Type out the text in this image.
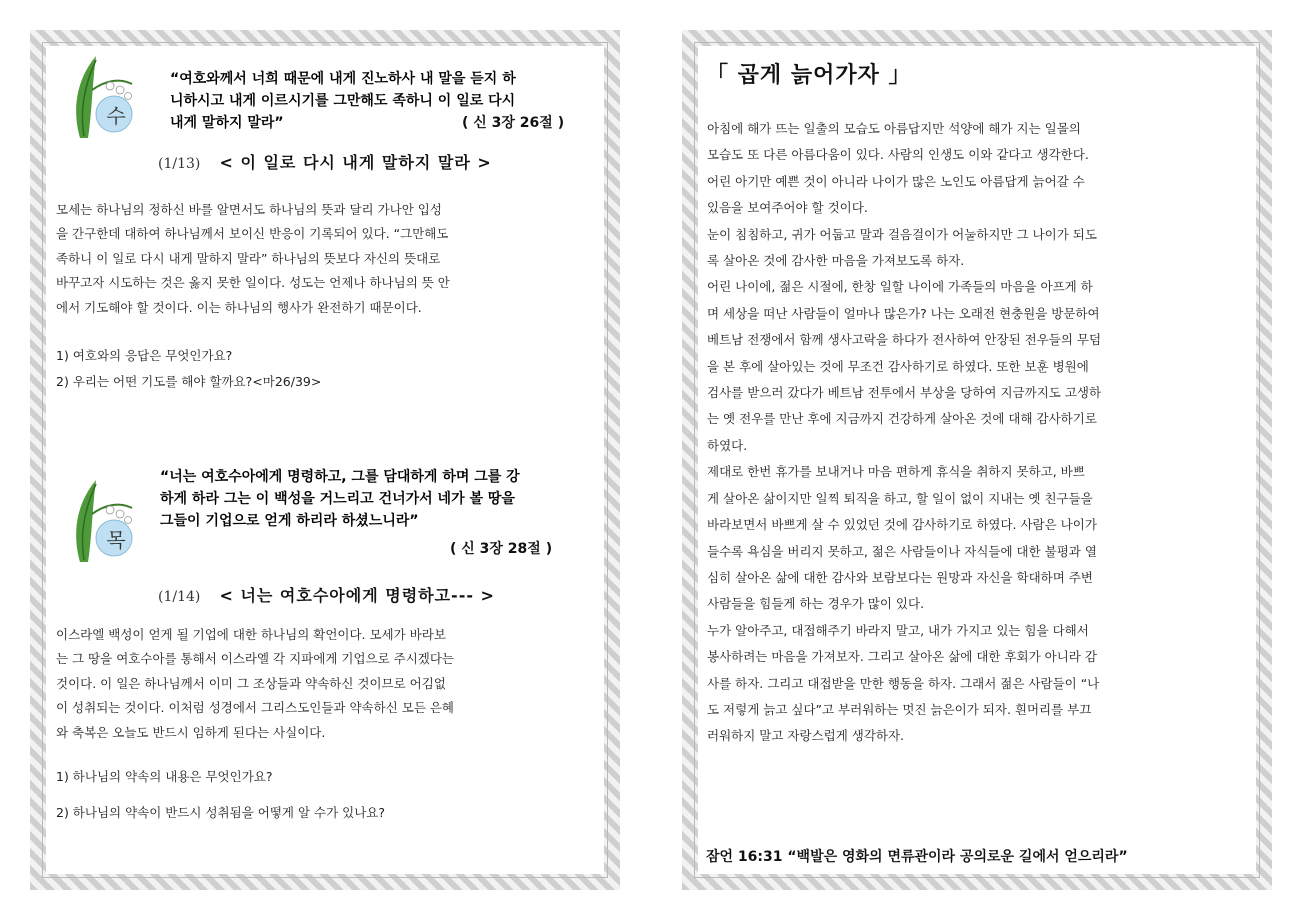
수
“여호와께서 너희 때문에 내게 진노하사 내 말을 듣지 하
니하시고 내게 이르시기를 그만해도 족하니 이 일로 다시
내게 말하지 말라”	( 신 3장 26절 )
(1/13) < 이 일로 다시 내게 말하지 말라 >
모세는 하나님의 정하신 바를 알면서도 하나님의 뜻과 달리 가나안 입성
을 간구한데 대하여 하나님께서 보이신 반응이 기록되어 있다. “그만해도
족하니 이 일로 다시 내게 말하지 말라” 하나님의 뜻보다 자신의 뜻대로
바꾸고자 시도하는 것은 옳지 못한 일이다. 성도는 언제나 하나님의 뜻 안
에서 기도해야 할 것이다. 이는 하나님의 행사가 완전하기 때문이다.
1) 여호와의 응답은 무엇인가요?
2) 우리는 어떤 기도를 해야 할까요?<마26/39>
목
“너는 여호수아에게 명령하고, 그를 담대하게 하며 그를 강
하게 하라 그는 이 백성을 거느리고 건너가서 네가 볼 땅을
그들이 기업으로 얻게 하리라 하셨느니라”
( 신 3장 28절 )
(1/14) < 너는 여호수아에게 명령하고--- >
이스라엘 백성이 얻게 될 기업에 대한 하나님의 확언이다. 모세가 바라보
는 그 땅을 여호수아를 통해서 이스라엘 각 지파에게 기업으로 주시겠다는
것이다. 이 일은 하나님께서 이미 그 조상들과 약속하신 것이므로 어김없
이 성취되는 것이다. 이처럼 성경에서 그리스도인들과 약속하신 모든 은혜
와 축복은 오늘도 반드시 임하게 된다는 사실이다.
1) 하나님의 약속의 내용은 무엇인가요?
2) 하나님의 약속이 반드시 성취됨을 어떻게 알 수가 있나요?
「 곱게 늙어가자 」
아침에 해가 뜨는 일출의 모습도 아름답지만 석양에 해가 지는 일몰의
모습도 또 다른 아름다움이 있다. 사람의 인생도 이와 같다고 생각한다.
어린 아기만 예쁜 것이 아니라 나이가 많은 노인도 아름답게 늙어갈 수
있음을 보여주어야 할 것이다.
눈이 침침하고, 귀가 어둡고 말과 걸음걸이가 어눌하지만 그 나이가 되도
록 살아온 것에 감사한 마음을 가져보도록 하자.
어린 나이에, 젊은 시절에, 한창 일할 나이에 가족들의 마음을 아프게 하
며 세상을 떠난 사람들이 얼마나 많은가? 나는 오래전 현충원을 방문하여
베트남 전쟁에서 함께 생사고락을 하다가 전사하여 안장된 전우들의 무덤
을 본 후에 살아있는 것에 무조건 감사하기로 하였다. 또한 보훈 병원에
검사를 받으러 갔다가 베트남 전투에서 부상을 당하여 지금까지도 고생하
는 옛 전우를 만난 후에 지금까지 건강하게 살아온 것에 대해 감사하기로
하였다.
제대로 한번 휴가를 보내거나 마음 편하게 휴식을 취하지 못하고, 바쁘
게 살아온 삶이지만 일찍 퇴직을 하고, 할 일이 없이 지내는 옛 친구들을
바라보면서 바쁘게 살 수 있었던 것에 감사하기로 하였다. 사람은 나이가
들수록 욕심을 버리지 못하고, 젊은 사람들이나 자식들에 대한 불평과 열
심히 살아온 삶에 대한 감사와 보람보다는 원망과 자신을 학대하며 주변
사람들을 힘들게 하는 경우가 많이 있다.
누가 알아주고, 대접해주기 바라지 말고, 내가 가지고 있는 힘을 다해서
봉사하려는 마음을 가져보자. 그리고 살아온 삶에 대한 후회가 아니라 감
사를 하자. 그리고 대접받을 만한 행동을 하자. 그래서 젊은 사람들이 “나
도 저렇게 늙고 싶다”고 부러워하는 멋진 늙은이가 되자. 흰머리를 부끄
러워하지 말고 자랑스럽게 생각하자.
잠언 16:31 “백발은 영화의 면류관이라 공의로운 길에서 얻으리라”
